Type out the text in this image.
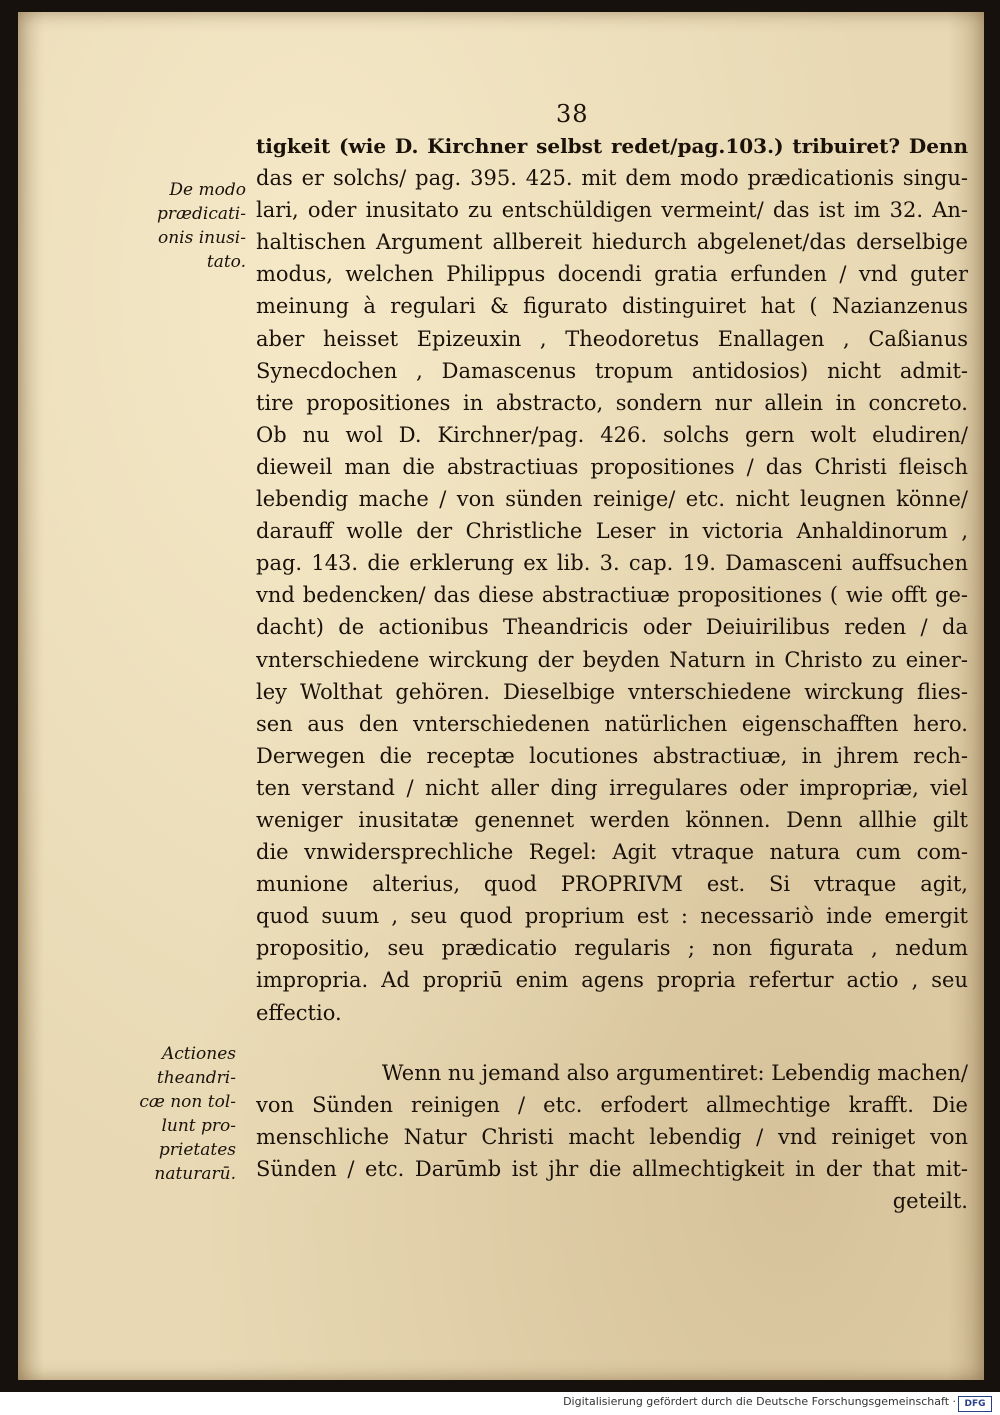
38
De modo
prædicati-
onis inusi-
tato.
Actiones
theandri-
cæ non tol-
lunt pro-
prietates
naturarū.
tigkeit (wie D. Kirchner selbst redet/pag.103.) tribuiret? Denn
das er solchs/ pag. 395. 425. mit dem modo prædicationis singu-
lari, oder inusitato zu entschüldigen vermeint/ das ist im 32. An-
haltischen Argument allbereit hiedurch abgelenet/das derselbige
modus, welchen Philippus docendi gratia erfunden / vnd guter
meinung à regulari & figurato distinguiret hat ( Nazianzenus
aber heisset Epizeuxin , Theodoretus Enallagen , Caßianus
Synecdochen , Damascenus tropum antidosios) nicht admit-
tire propositiones in abstracto, sondern nur allein in concreto.
Ob nu wol D. Kirchner/pag. 426. solchs gern wolt eludiren/
dieweil man die abstractiuas propositiones / das Christi fleisch
lebendig mache / von sünden reinige/ etc. nicht leugnen könne/
darauff wolle der Christliche Leser in victoria Anhaldinorum ,
pag. 143. die erklerung ex lib. 3. cap. 19. Damasceni auffsuchen
vnd bedencken/ das diese abstractiuæ propositiones ( wie offt ge-
dacht) de actionibus Theandricis oder Deiuirilibus reden / da
vnterschiedene wirckung der beyden Naturn in Christo zu einer-
ley Wolthat gehören. Dieselbige vnterschiedene wirckung flies-
sen aus den vnterschiedenen natürlichen eigenschafften hero.
Derwegen die receptæ locutiones abstractiuæ, in jhrem rech-
ten verstand / nicht aller ding irregulares oder impropriæ, viel
weniger inusitatæ genennet werden können. Denn allhie gilt
die vnwidersprechliche Regel: Agit vtraque natura cum com-
munione alterius, quod PROPRIVM est. Si vtraque agit,
quod suum , seu quod proprium est : necessariò inde emergit
propositio, seu prædicatio regularis ; non figurata , nedum
impropria. Ad propriū enim agens propria refertur actio , seu
effectio.
Wenn nu jemand also argumentiret: Lebendig machen/
von Sünden reinigen / etc. erfodert allmechtige krafft. Die
menschliche Natur Christi macht lebendig / vnd reiniget von
Sünden / etc. Darūmb ist jhr die allmechtigkeit in der that mit-
geteilt.
Digitalisierung gefördert durch die Deutsche Forschungsgemeinschaft · DFG
